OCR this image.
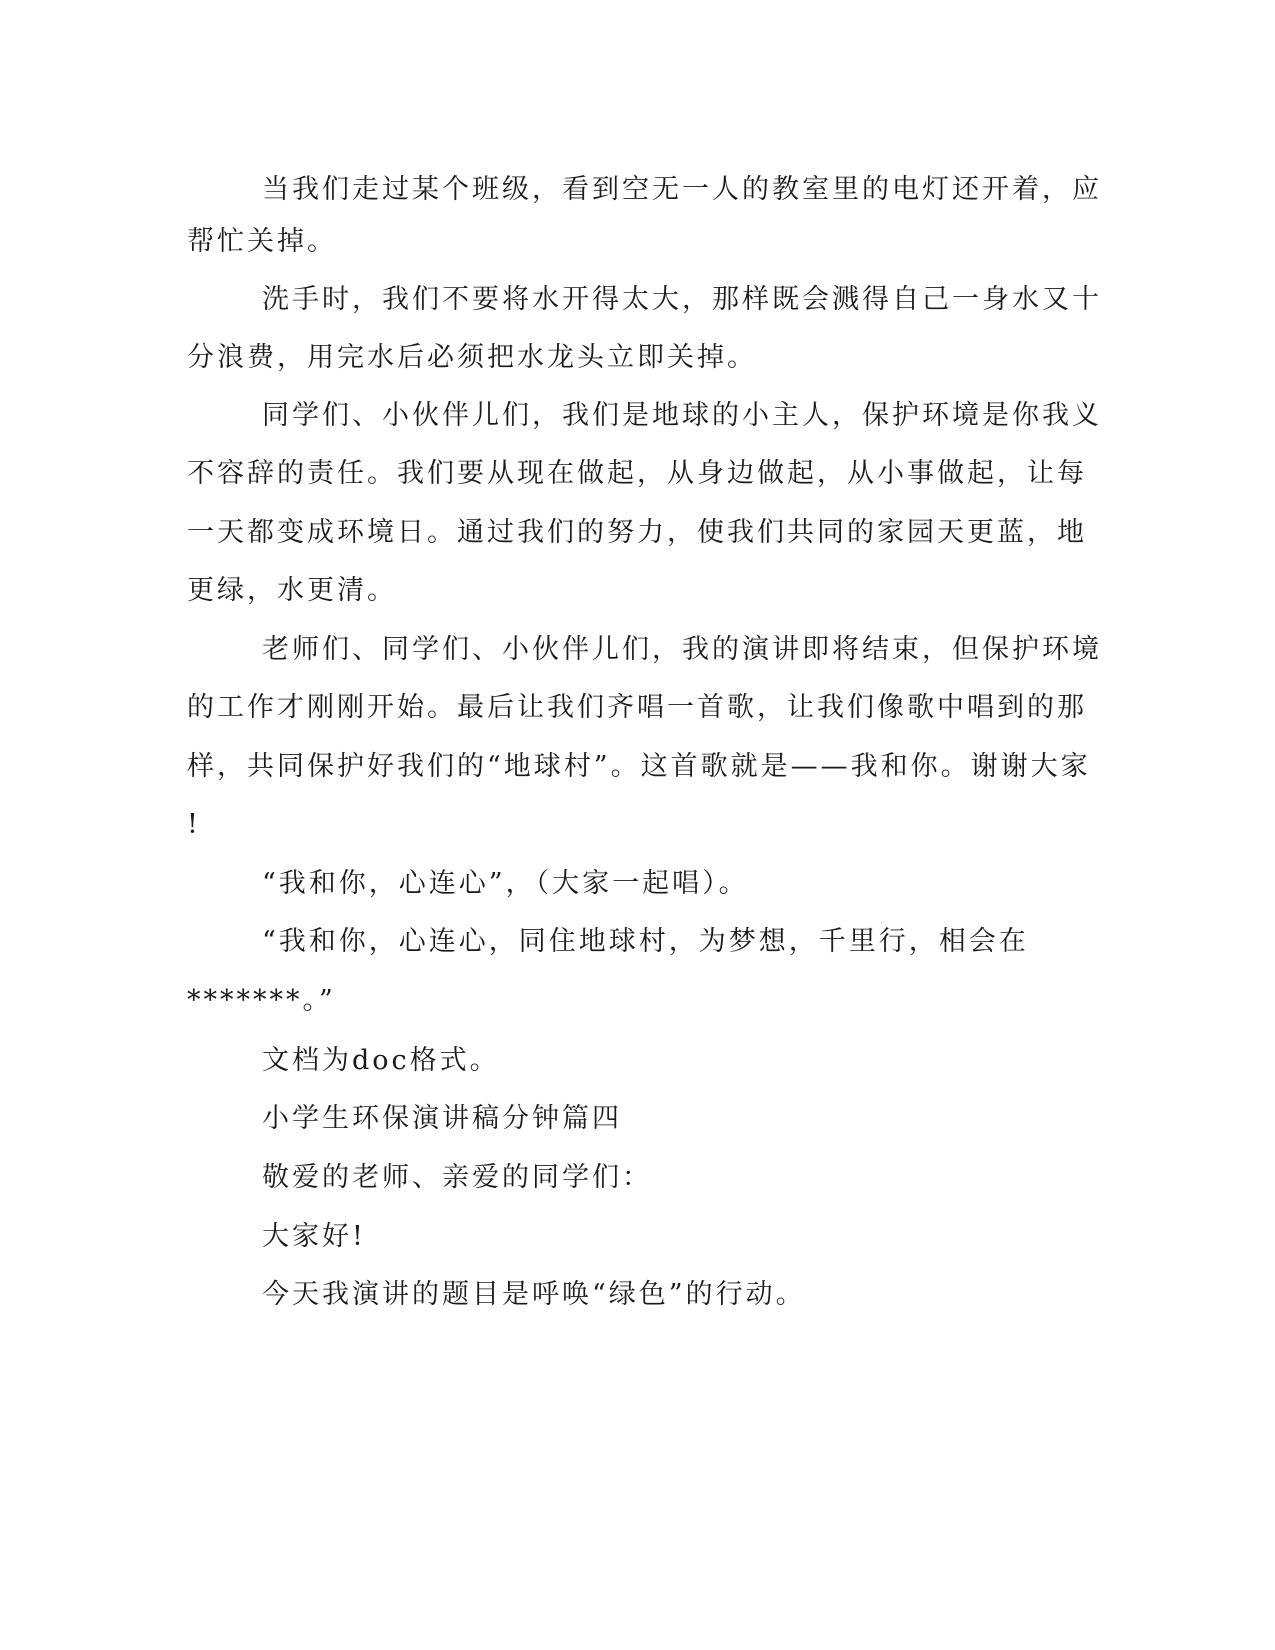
当我们走过某个班级，看到空无一人的教室里的电灯还开着，应
帮忙关掉。
洗手时，我们不要将水开得太大，那样既会溅得自己一身水又十
分浪费，用完水后必须把水龙头立即关掉。
同学们、小伙伴儿们，我们是地球的小主人，保护环境是你我义
不容辞的责任。我们要从现在做起，从身边做起，从小事做起，让每
一天都变成环境日。通过我们的努力，使我们共同的家园天更蓝，地
更绿，水更清。
老师们、同学们、小伙伴儿们，我的演讲即将结束，但保护环境
的工作才刚刚开始。最后让我们齐唱一首歌，让我们像歌中唱到的那
样，共同保护好我们的“地球村”。这首歌就是——我和你。谢谢大家
!
“我和你，心连心”，（大家一起唱）。
“我和你，心连心，同住地球村，为梦想，千里行，相会在
*******。”
文档为doc格式。
小学生环保演讲稿分钟篇四
敬爱的老师、亲爱的同学们：
大家好!
今天我演讲的题目是呼唤“绿色”的行动。
